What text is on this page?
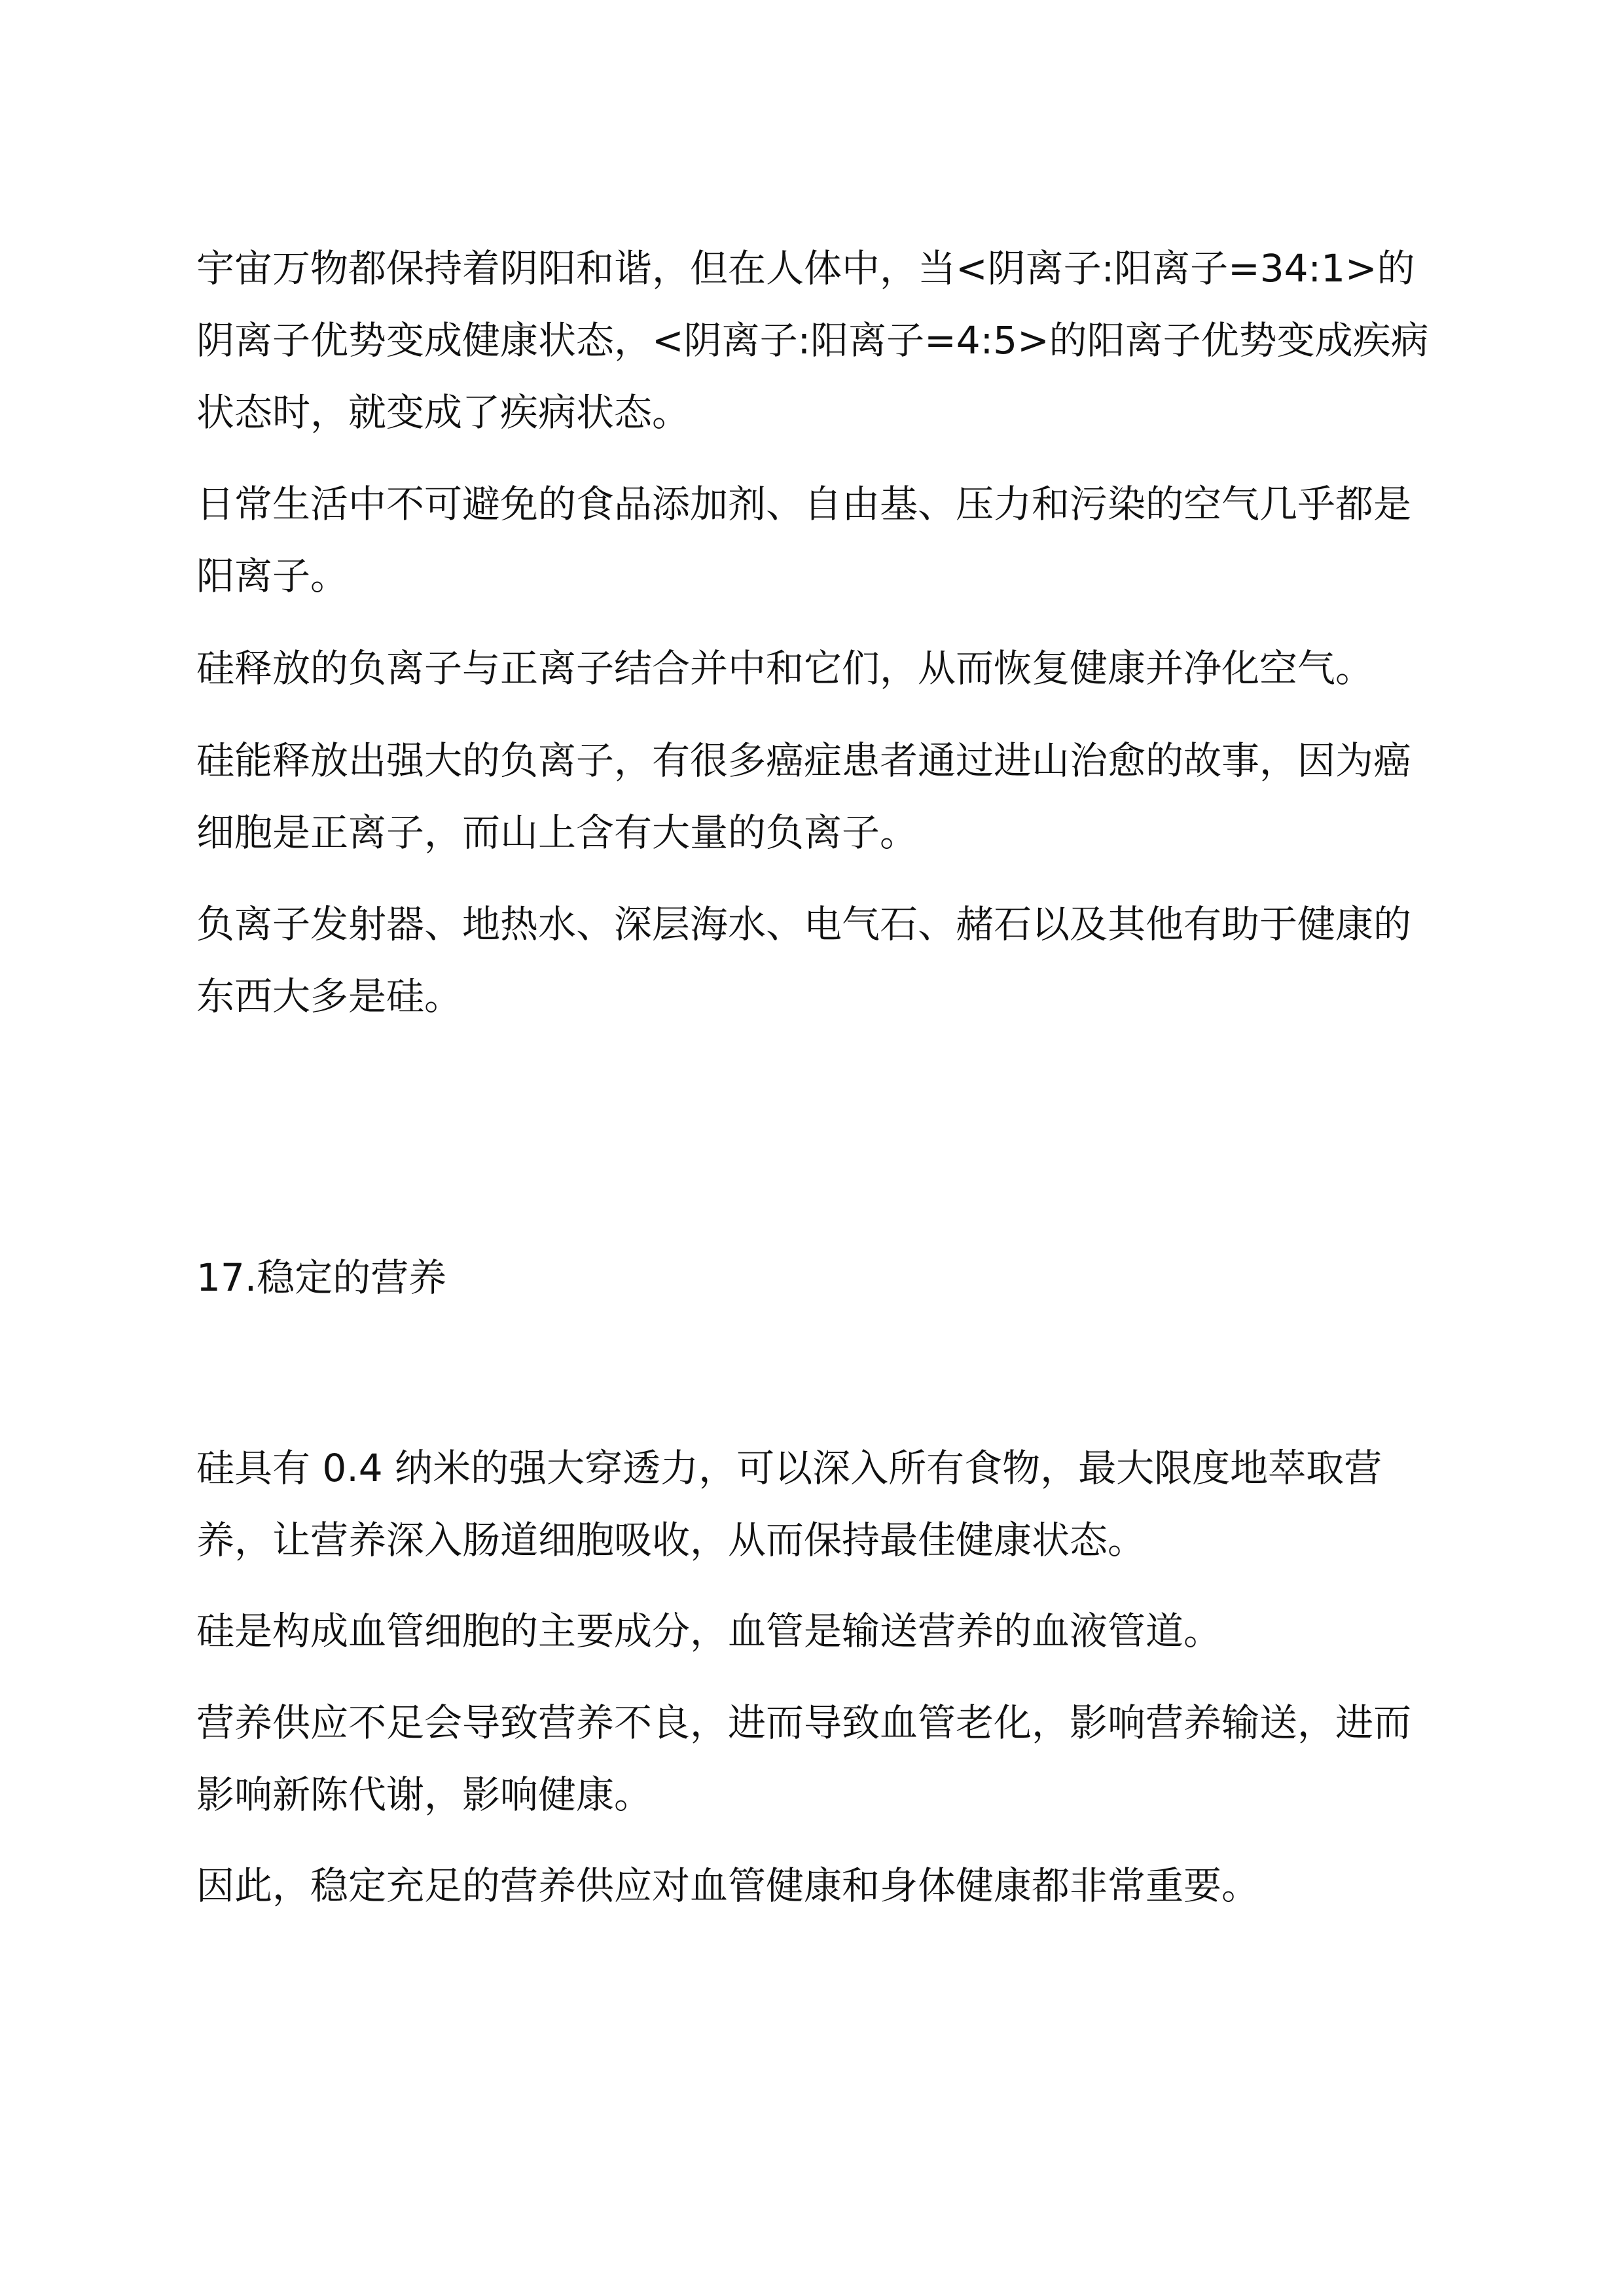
宇宙万物都保持着阴阳和谐，但在人体中，当<阴离子:阳离子=34:1>的阴离子优势变成健康状态，<阴离子:阳离子=4:5>的阳离子优势变成疾病状态时，就变成了疾病状态。

日常生活中不可避免的食品添加剂、自由基、压力和污染的空气几乎都是阳离子。

硅释放的负离子与正离子结合并中和它们，从而恢复健康并净化空气。

硅能释放出强大的负离子，有很多癌症患者通过进山治愈的故事，因为癌细胞是正离子，而山上含有大量的负离子。

负离子发射器、地热水、深层海水、电气石、赭石以及其他有助于健康的东西大多是硅。

17.稳定的营养

硅具有 0.4 纳米的强大穿透力，可以深入所有食物，最大限度地萃取营养，让营养深入肠道细胞吸收，从而保持最佳健康状态。

硅是构成血管细胞的主要成分，血管是输送营养的血液管道。

营养供应不足会导致营养不良，进而导致血管老化，影响营养输送，进而影响新陈代谢，影响健康。

因此，稳定充足的营养供应对血管健康和身体健康都非常重要。
